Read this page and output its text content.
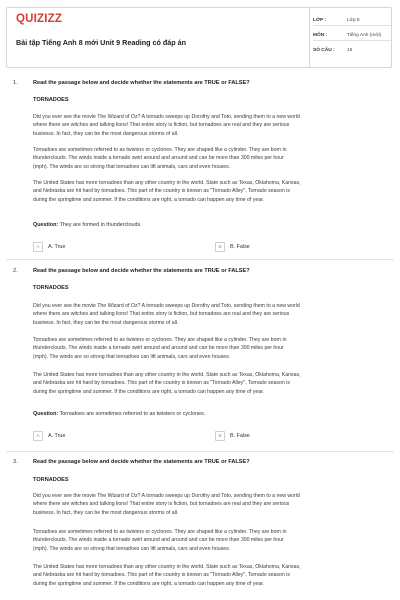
QUIZIZZ
Bài tập Tiếng Anh 8 mới Unit 9 Reading có đáp án
LỚP :	Lớp 8
MÔN :	Tiếng Anh (mới)
SỐ CÂU :	15
1.	Read the passage below and decide whether the statements are TRUE or FALSE?
TORNADOES
Did you ever see the movie The Wizard of Oz? A tornado sweeps up Dorothy and Toto, sending them to a new world
where there are witches and talking lions! That entire story is fiction, but tornadoes are real and they are serious
business. In fact, they can be the most dangerous storms of all.
Tornadoes are sometimes referred to as twisters or cyclones. They are shaped like a cylinder. They are born in
thunderclouds. The winds inside a tornado swirl around and around and can be more than 300 miles per hour
(mph). The winds are so strong that tornadoes can lift animals, cars and even houses.
The United States has more tornadoes than any other country in the world. State such as Texas, Oklahoma, Kansas,
and Nebraska are hit hard by tornadoes. This part of the country is known as "Tornado Alley". Tornado season is
during the springtime and summer. If the conditions are right, a tornado can happen any time of year.
Question: They are formed in thunderclouds.
A A. True	B B. False
2.	Read the passage below and decide whether the statements are TRUE or FALSE?
TORNADOES
Did you ever see the movie The Wizard of Oz? A tornado sweeps up Dorothy and Toto, sending them to a new world
where there are witches and talking lions! That entire story is fiction, but tornadoes are real and they are serious
business. In fact, they can be the most dangerous storms of all.
Tornadoes are sometimes referred to as twisters or cyclones. They are shaped like a cylinder. They are born in
thunderclouds. The winds inside a tornado swirl around and around and can be more than 300 miles per hour
(mph). The winds are so strong that tornadoes can lift animals, cars and even houses.
The United States has more tornadoes than any other country in the world. State such as Texas, Oklahoma, Kansas,
and Nebraska are hit hard by tornadoes. This part of the country is known as "Tornado Alley". Tornado season is
during the springtime and summer. If the conditions are right, a tornado can happen any time of year.
Question: Tornadoes are sometimes referred to as twisters or cyclones.
A A. True	B B. False
3.	Read the passage below and decide whether the statements are TRUE or FALSE?
TORNADOES
Did you ever see the movie The Wizard of Oz? A tornado sweeps up Dorothy and Toto, sending them to a new world
where there are witches and talking lions! That entire story is fiction, but tornadoes are real and they are serious
business. In fact, they can be the most dangerous storms of all.
Tornadoes are sometimes referred to as twisters or cyclones. They are shaped like a cylinder. They are born in
thunderclouds. The winds inside a tornado swirl around and around and can be more than 300 miles per hour
(mph). The winds are so strong that tornadoes can lift animals, cars and even houses.
The United States has more tornadoes than any other country in the world. State such as Texas, Oklahoma, Kansas,
and Nebraska are hit hard by tornadoes. This part of the country is known as "Tornado Alley". Tornado season is
during the springtime and summer. If the conditions are right, a tornado can happen any time of year.
